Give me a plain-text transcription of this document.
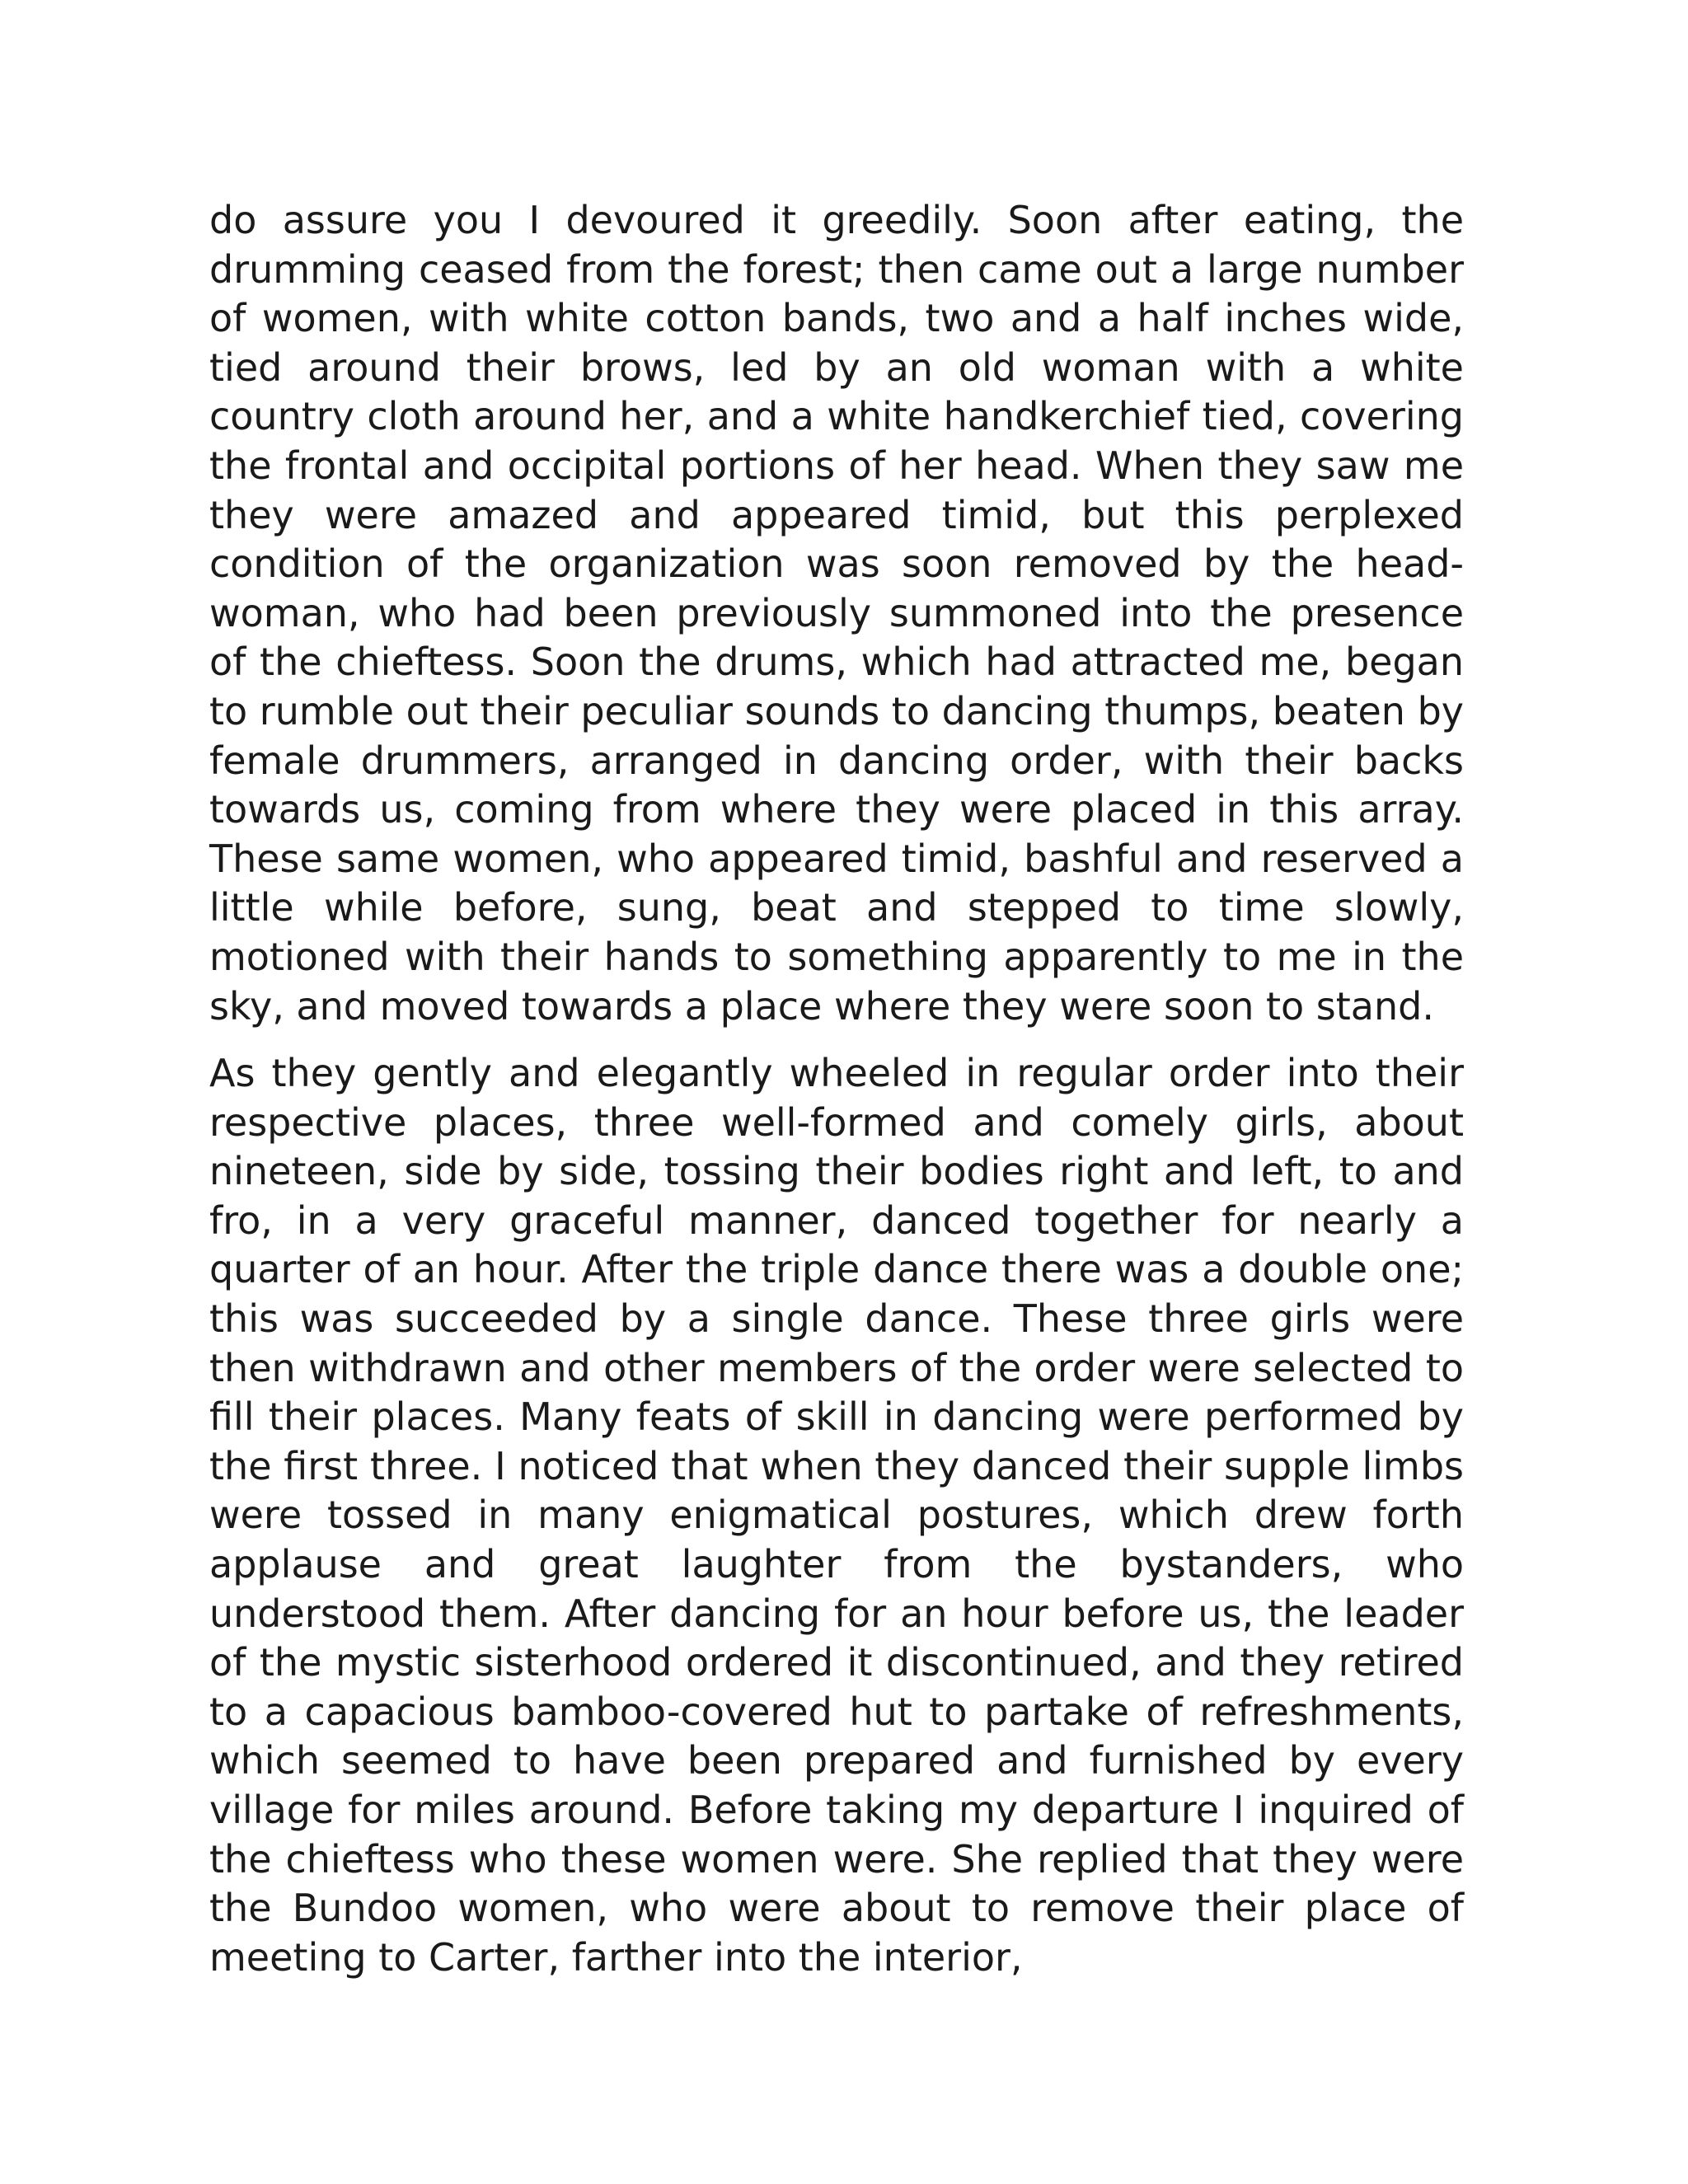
do assure you I devoured it greedily. Soon after eating, the drumming ceased from the forest; then came out a large number of women, with white cotton bands, two and a half inches wide, tied around their brows, led by an old woman with a white country cloth around her, and a white handkerchief tied, covering the frontal and occipital portions of her head. When they saw me they were amazed and appeared timid, but this perplexed condition of the organization was soon removed by the head-woman, who had been previously summoned into the presence of the chieftess. Soon the drums, which had attracted me, began to rumble out their peculiar sounds to dancing thumps, beaten by female drummers, arranged in dancing order, with their backs towards us, coming from where they were placed in this array. These same women, who appeared timid, bashful and reserved a little while before, sung, beat and stepped to time slowly, motioned with their hands to something apparently to me in the sky, and moved towards a place where they were soon to stand.

As they gently and elegantly wheeled in regular order into their respective places, three well-formed and comely girls, about nineteen, side by side, tossing their bodies right and left, to and fro, in a very graceful manner, danced together for nearly a quarter of an hour. After the triple dance there was a double one; this was succeeded by a single dance. These three girls were then withdrawn and other members of the order were selected to fill their places. Many feats of skill in dancing were performed by the first three. I noticed that when they danced their supple limbs were tossed in many enigmatical postures, which drew forth applause and great laughter from the bystanders, who understood them. After dancing for an hour before us, the leader of the mystic sisterhood ordered it discontinued, and they retired to a capacious bamboo-covered hut to partake of refreshments, which seemed to have been prepared and furnished by every village for miles around. Before taking my departure I inquired of the chieftess who these women were. She replied that they were the Bundoo women, who were about to remove their place of meeting to Carter, farther into the interior,
